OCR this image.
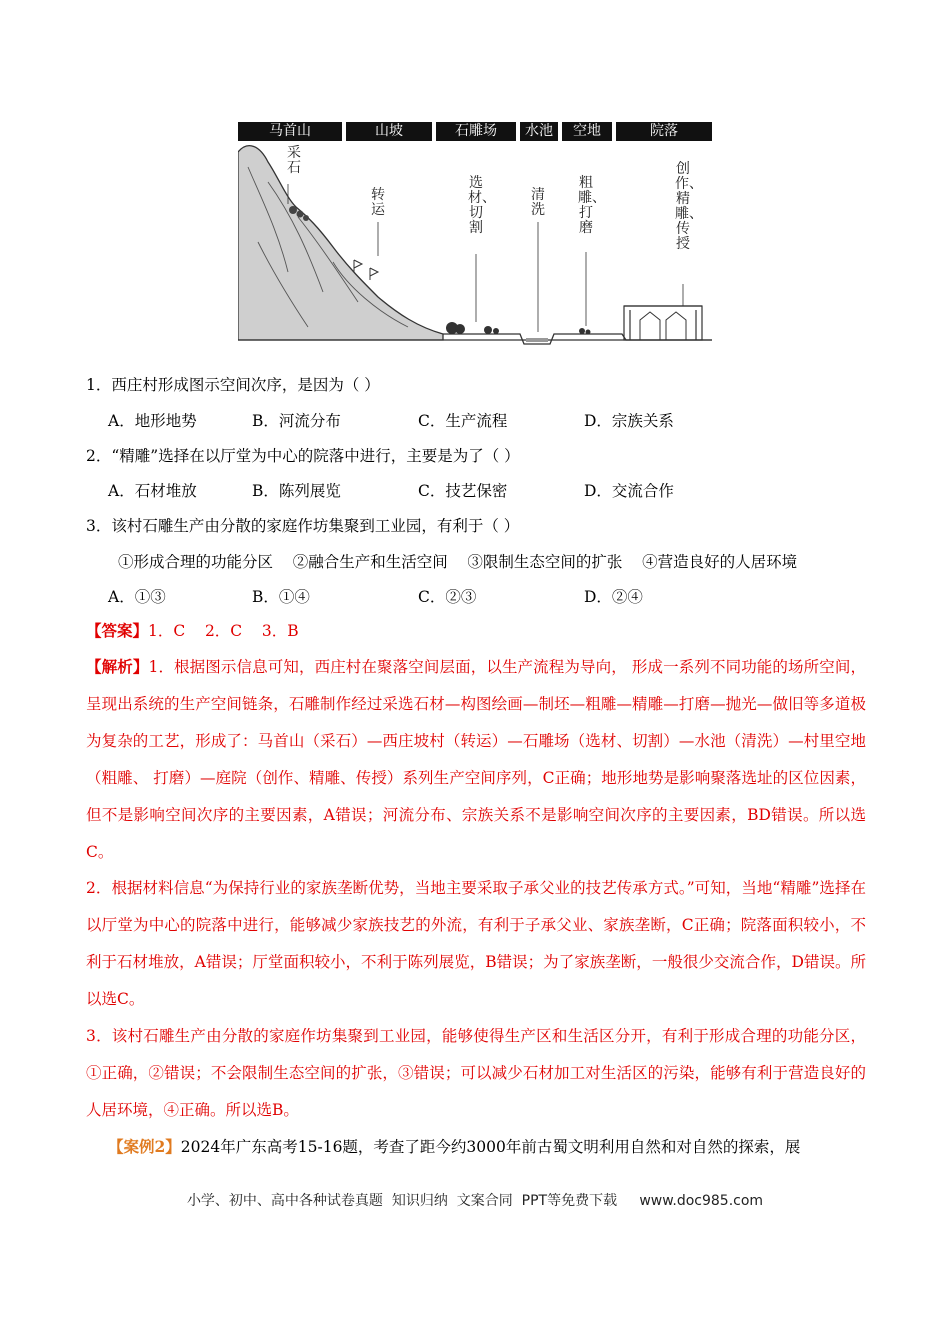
马首山	山坡	石雕场	水池	空地	院落
采石
转运
选材、切割
清洗
粗雕、打磨
创作、精雕、传授
1．西庄村形成图示空间次序，是因为（ ）
A．地形地势	B．河流分布	C．生产流程	D．宗族关系
2．“精雕”选择在以厅堂为中心的院落中进行，主要是为了（ ）
A．石材堆放	B．陈列展览	C．技艺保密	D．交流合作
3．该村石雕生产由分散的家庭作坊集聚到工业园，有利于（ ）
①形成合理的功能分区    ②融合生产和生活空间    ③限制生态空间的扩张    ④营造良好的人居环境
A．①③	B．①④	C．②③	D．②④
【答案】1．C    2．C    3．B
【解析】1．根据图示信息可知，西庄村在聚落空间层面，以生产流程为导向， 形成一系列不同功能的场所空间，呈现出系统的生产空间链条，石雕制作经过采选石材—构图绘画—制坯—粗雕—精雕—打磨—抛光—做旧等多道极为复杂的工艺，形成了：马首山（采石）—西庄坡村（转运）—石雕场（选材、切割）—水池（清洗）—村里空地（粗雕、 打磨）—庭院（创作、精雕、传授）系列生产空间序列，C正确；地形地势是影响聚落选址的区位因素，但不是影响空间次序的主要因素，A错误；河流分布、宗族关系不是影响空间次序的主要因素，BD错误。所以选C。
2．根据材料信息“为保持行业的家族垄断优势，当地主要采取子承父业的技艺传承方式。”可知，当地“精雕”选择在以厅堂为中心的院落中进行，能够减少家族技艺的外流，有利于子承父业、家族垄断，C正确；院落面积较小，不利于石材堆放，A错误；厅堂面积较小，不利于陈列展览，B错误；为了家族垄断，一般很少交流合作，D错误。所以选C。
3．该村石雕生产由分散的家庭作坊集聚到工业园，能够使得生产区和生活区分开，有利于形成合理的功能分区，①正确，②错误；不会限制生态空间的扩张，③错误；可以减少石材加工对生活区的污染，能够有利于营造良好的人居环境，④正确。所以选B。
【案例2】2024年广东高考15-16题，考查了距今约3000年前古蜀文明利用自然和对自然的探索，展
小学、初中、高中各种试卷真题  知识归纳  文案合同  PPT等免费下载     www.doc985.com
